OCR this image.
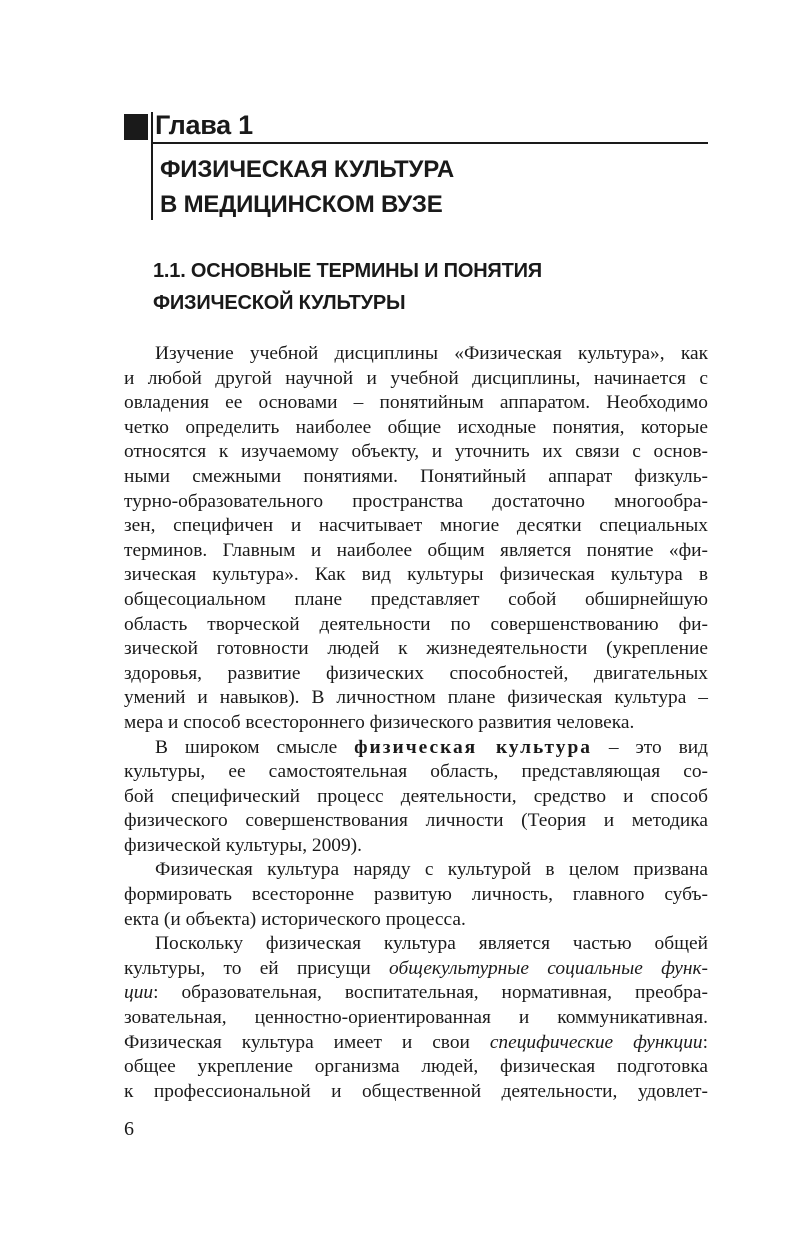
Глава 1
ФИЗИЧЕСКАЯ КУЛЬТУРА
В МЕДИЦИНСКОМ ВУЗЕ
1.1. ОСНОВНЫЕ ТЕРМИНЫ И ПОНЯТИЯ
ФИЗИЧЕСКОЙ КУЛЬТУРЫ
Изучение учебной дисциплины «Физическая культура», как
и любой другой научной и учебной дисциплины, начинается с
овладения ее основами – понятийным аппаратом. Необходимо
четко определить наиболее общие исходные понятия, которые
относятся к изучаемому объекту, и уточнить их связи с основ-
ными смежными понятиями. Понятийный аппарат физкуль-
турно-образовательного пространства достаточно многообра-
зен, специфичен и насчитывает многие десятки специальных
терминов. Главным и наиболее общим является понятие «фи-
зическая культура». Как вид культуры физическая культура в
общесоциальном плане представляет собой обширнейшую
область творческой деятельности по совершенствованию фи-
зической готовности людей к жизнедеятельности (укрепление
здоровья, развитие физических способностей, двигательных
умений и навыков). В личностном плане физическая культура –
мера и способ всестороннего физического развития человека.
В широком смысле физическая культура – это вид
культуры, ее самостоятельная область, представляющая со-
бой специфический процесс деятельности, средство и способ
физического совершенствования личности (Теория и методика
физической культуры, 2009).
Физическая культура наряду с культурой в целом призвана
формировать всесторонне развитую личность, главного субъ-
екта (и объекта) исторического процесса.
Поскольку физическая культура является частью общей
культуры, то ей присущи общекультурные социальные функ-
ции: образовательная, воспитательная, нормативная, преобра-
зовательная, ценностно-ориентированная и коммуникативная.
Физическая культура имеет и свои специфические функции:
общее укрепление организма людей, физическая подготовка
к профессиональной и общественной деятельности, удовлет-
6
